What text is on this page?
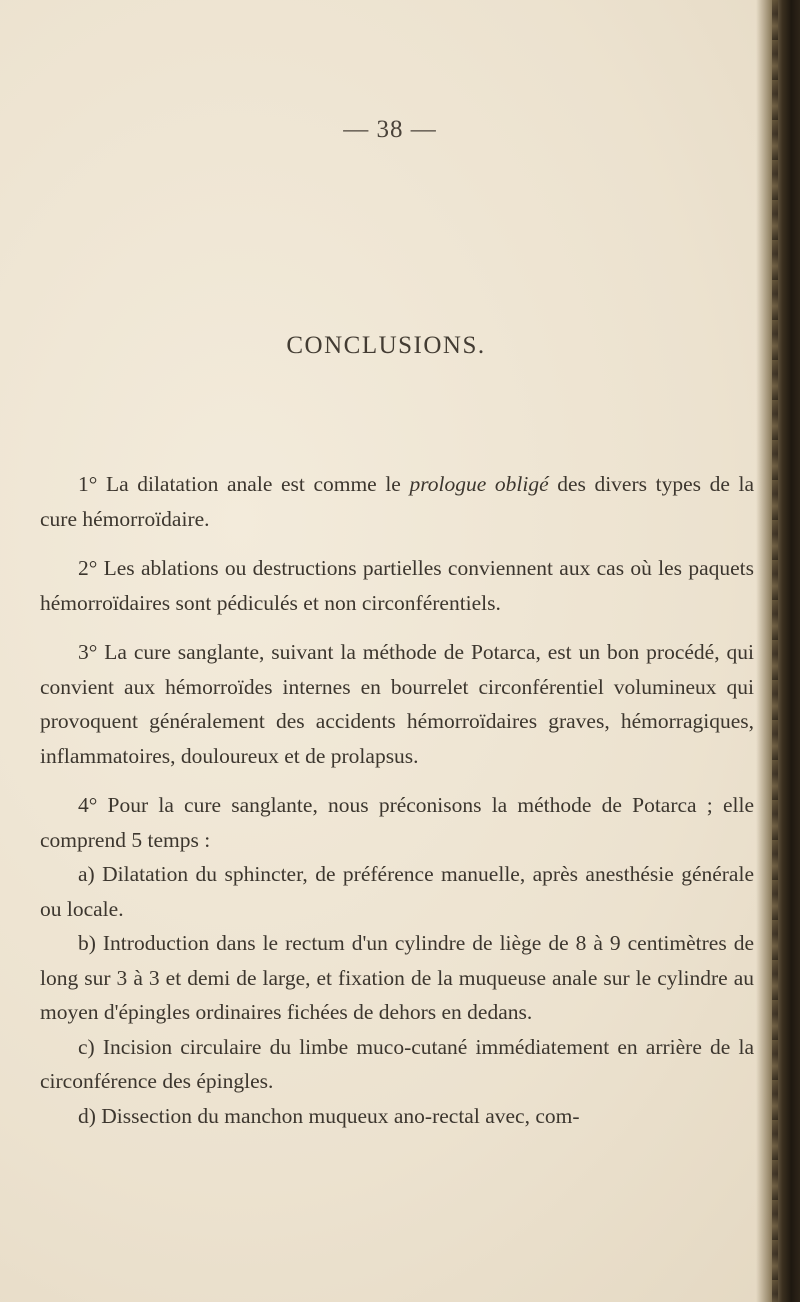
— 38 —
CONCLUSIONS.

1° La dilatation anale est comme le prologue obligé des divers types de la cure hémorroïdaire.

2° Les ablations ou destructions partielles conviennent aux cas où les paquets hémorroïdaires sont pédiculés et non circonférentiels.

3° La cure sanglante, suivant la méthode de Potarca, est un bon procédé, qui convient aux hémorroïdes internes en bourrelet circonférentiel volumineux qui provoquent généralement des accidents hémorroïdaires graves, hémorragiques, inflammatoires, douloureux et de prolapsus.

4° Pour la cure sanglante, nous préconisons la méthode de Potarca ; elle comprend 5 temps :

a) Dilatation du sphincter, de préférence manuelle, après anesthésie générale ou locale.

b) Introduction dans le rectum d'un cylindre de liège de 8 à 9 centimètres de long sur 3 à 3 et demi de large, et fixation de la muqueuse anale sur le cylindre au moyen d'épingles ordinaires fichées de dehors en dedans.

c) Incision circulaire du limbe muco-cutané immédiatement en arrière de la circonférence des épingles.

d) Dissection du manchon muqueux ano-rectal avec, com-
